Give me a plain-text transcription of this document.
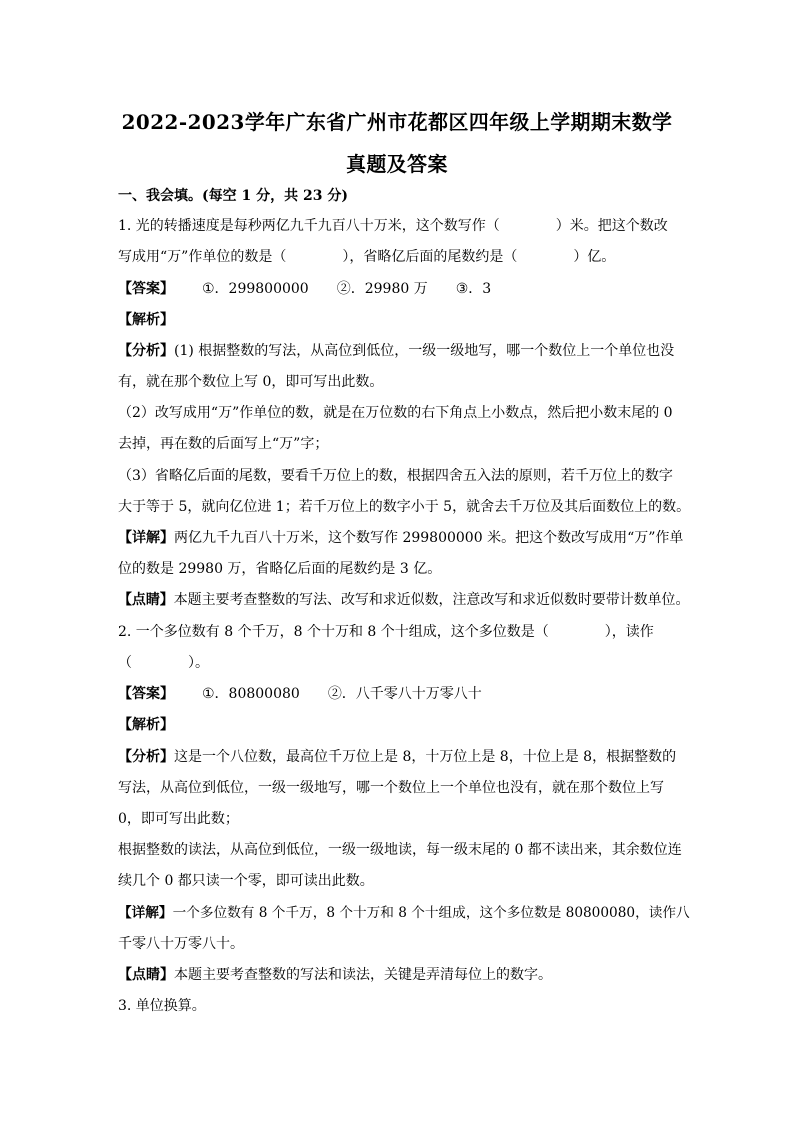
2022-2023学年广东省广州市花都区四年级上学期期末数学
真题及答案
一、我会填。(每空 1 分，共 23 分)
1. 光的转播速度是每秒两亿九千九百八十万米，这个数写作（　　　　）米。把这个数改
写成用“万”作单位的数是（　　　　），省略亿后面的尾数约是（　　　　）亿。
【答案】 ①．299800000 ②．29980 万 ③．3
【解析】
【分析】(1) 根据整数的写法，从高位到低位，一级一级地写，哪一个数位上一个单位也没
有，就在那个数位上写 0，即可写出此数。
（2）改写成用“万”作单位的数，就是在万位数的右下角点上小数点，然后把小数末尾的 0
去掉，再在数的后面写上“万”字；
（3）省略亿后面的尾数，要看千万位上的数，根据四舍五入法的原则，若千万位上的数字
大于等于 5，就向亿位进 1；若千万位上的数字小于 5，就舍去千万位及其后面数位上的数。
【详解】两亿九千九百八十万米，这个数写作 299800000 米。把这个数改写成用“万”作单
位的数是 29980 万，省略亿后面的尾数约是 3 亿。
【点睛】本题主要考查整数的写法、改写和求近似数，注意改写和求近似数时要带计数单位。
2. 一个多位数有 8 个千万，8 个十万和 8 个十组成，这个多位数是（　　　　），读作
（　　　　）。
【答案】 ①．80800080 ②．八千零八十万零八十
【解析】
【分析】这是一个八位数，最高位千万位上是 8，十万位上是 8，十位上是 8，根据整数的
写法，从高位到低位，一级一级地写，哪一个数位上一个单位也没有，就在那个数位上写
0，即可写出此数；
根据整数的读法，从高位到低位，一级一级地读，每一级末尾的 0 都不读出来，其余数位连
续几个 0 都只读一个零，即可读出此数。
【详解】一个多位数有 8 个千万，8 个十万和 8 个十组成，这个多位数是 80800080，读作八
千零八十万零八十。
【点睛】本题主要考查整数的写法和读法，关键是弄清每位上的数字。
3. 单位换算。
